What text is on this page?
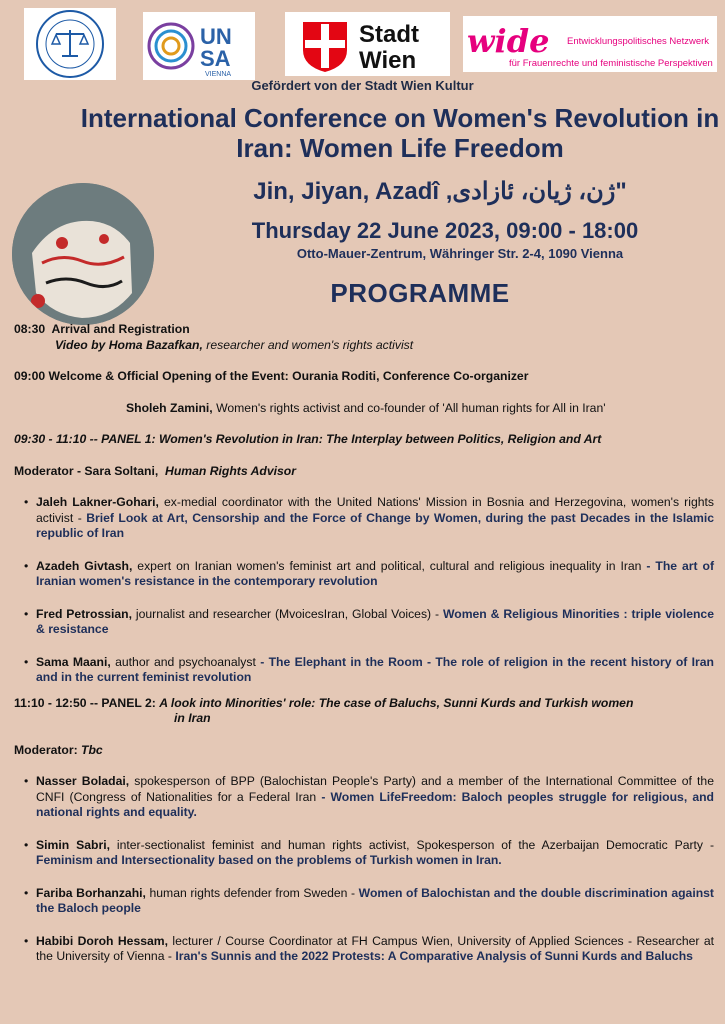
UN
SA
VIENNA
Stadt
Wien
wide Entwicklungspolitisches Netzwerk
für Frauenrechte und feministische Perspektiven
Gefördert von der Stadt Wien Kultur
International Conference on Women's Revolution in Iran: Women Life Freedom
Jin, Jiyan, Azadî ,ژن، ژیان، ئازادی"
Thursday 22 June 2023, 09:00 - 18:00
Otto-Mauer-Zentrum, Währinger Str. 2-4, 1090 Vienna
PROGRAMME

08:30 Arrival and Registration

Video by Homa Bazafkan, researcher and women's rights activist

09:00 Welcome & Official Opening of the Event: Ourania Roditi, Conference Co-organizer

Sholeh Zamini, Women's rights activist and co-founder of 'All human rights for All in Iran'

09:30 - 11:10 -- PANEL 1: Women's Revolution in Iran: The Interplay between Politics, Religion and Art

Moderator - Sara Soltani, Human Rights Advisor

• Jaleh Lakner-Gohari, ex-medial coordinator with the United Nations' Mission in Bosnia and Herzegovina, women's rights activist - Brief Look at Art, Censorship and the Force of Change by Women, during the past Decades in the Islamic republic of Iran
• Azadeh Givtash, expert on Iranian women's feminist art and political, cultural and religious inequality in Iran - The art of Iranian women's resistance in the contemporary revolution
• Fred Petrossian, journalist and researcher (MvoicesIran, Global Voices) - Women & Religious Minorities : triple violence & resistance
• Sama Maani, author and psychoanalyst - The Elephant in the Room - The role of religion in the recent history of Iran and in the current feminist revolution

11:10 - 12:50 -- PANEL 2: A look into Minorities' role: The case of Baluchs, Sunni Kurds and Turkish women

in Iran

Moderator: Tbc

• Nasser Boladai, spokesperson of BPP (Balochistan People's Party) and a member of the International Committee of the CNFI (Congress of Nationalities for a Federal Iran - Women LifeFreedom: Baloch peoples struggle for religious, and national rights and equality.
• Simin Sabri, inter-sectionalist feminist and human rights activist, Spokesperson of the Azerbaijan Democratic Party - Feminism and Intersectionality based on the problems of Turkish women in Iran.
• Fariba Borhanzahi, human rights defender from Sweden - Women of Balochistan and the double discrimination against the Baloch people
• Habibi Doroh Hessam, lecturer / Course Coordinator at FH Campus Wien, University of Applied Sciences - Researcher at the University of Vienna - Iran's Sunnis and the 2022 Protests: A Comparative Analysis of Sunni Kurds and Baluchs
